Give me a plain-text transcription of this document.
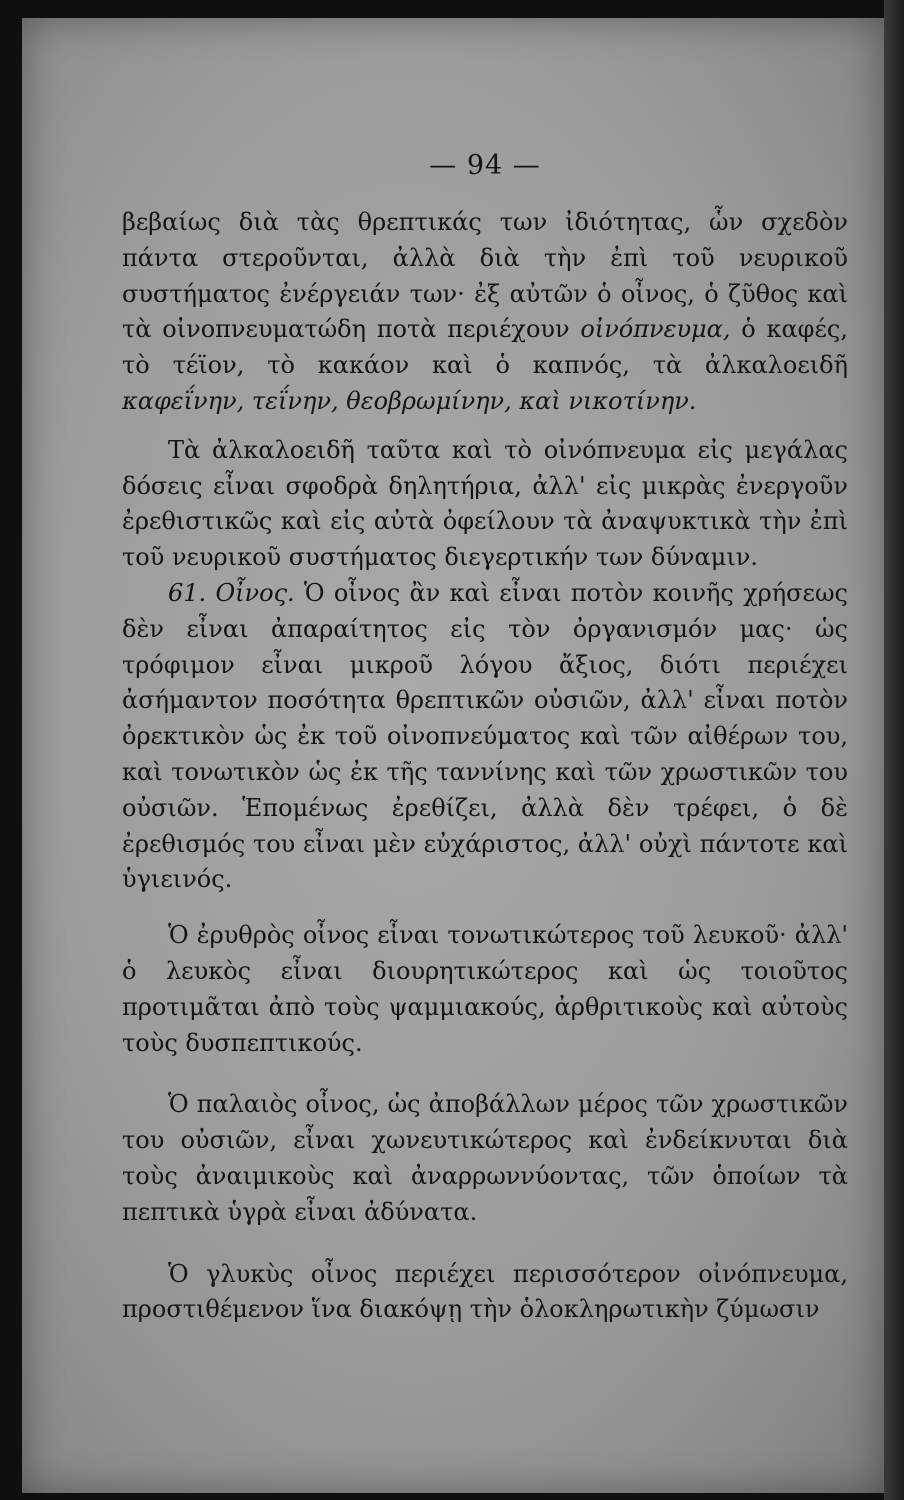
— 94 —

βεβαίως διὰ τὰς θρεπτικάς των ἰδιότητας, ὧν σχεδὸν πάντα στεροῦνται, ἀλλὰ διὰ τὴν ἐπὶ τοῦ νευρικοῦ συστήματος ἐνέργειάν των· ἐξ αὐτῶν ὁ οἶνος, ὁ ζῦθος καὶ τὰ οἰνοπνευματώδη ποτὰ περιέχουν οἰνόπνευμα, ὁ καφές, τὸ τέϊον, τὸ κακάον καὶ ὁ καπνός, τὰ ἀλκαλοειδῆ καφεΐνην, τεΐνην, θεοβρωμίνην, καὶ νικοτίνην.

Τὰ ἀλκαλοειδῆ ταῦτα καὶ τὸ οἰνόπνευμα εἰς μεγάλας δόσεις εἶναι σφοδρὰ δηλητήρια, ἀλλ' εἰς μικρὰς ἐνεργοῦν ἐρεθιστικῶς καὶ εἰς αὐτὰ ὀφείλουν τὰ ἀναψυκτικὰ τὴν ἐπὶ τοῦ νευρικοῦ συστήματος διεγερτικήν των δύναμιν.

61. Οἶνος. Ὁ οἶνος ἂν καὶ εἶναι ποτὸν κοινῆς χρήσεως δὲν εἶναι ἀπαραίτητος εἰς τὸν ὀργανισμόν μας· ὡς τρόφιμον εἶναι μικροῦ λόγου ἄξιος, διότι περιέχει ἀσήμαντον ποσότητα θρεπτικῶν οὐσιῶν, ἀλλ' εἶναι ποτὸν ὀρεκτικὸν ὡς ἐκ τοῦ οἰνοπνεύματος καὶ τῶν αἰθέρων του, καὶ τονωτικὸν ὡς ἐκ τῆς ταννίνης καὶ τῶν χρωστικῶν του οὐσιῶν. Ἑπομένως ἐρεθίζει, ἀλλὰ δὲν τρέφει, ὁ δὲ ἐρεθισμός του εἶναι μὲν εὐχάριστος, ἀλλ' οὐχὶ πάντοτε καὶ ὑγιεινός.

Ὁ ἐρυθρὸς οἶνος εἶναι τονωτικώτερος τοῦ λευκοῦ· ἀλλ' ὁ λευκὸς εἶναι διουρητικώτερος καὶ ὡς τοιοῦτος προτιμᾶται ἀπὸ τοὺς ψαμμιακούς, ἀρθριτικοὺς καὶ αὐτοὺς τοὺς δυσπεπτικούς.

Ὁ παλαιὸς οἶνος, ὡς ἀποβάλλων μέρος τῶν χρωστικῶν του οὐσιῶν, εἶναι χωνευτικώτερος καὶ ἐνδείκνυται διὰ τοὺς ἀναιμικοὺς καὶ ἀναρρωννύοντας, τῶν ὁποίων τὰ πεπτικὰ ὑγρὰ εἶναι ἀδύνατα.

Ὁ γλυκὺς οἶνος περιέχει περισσότερον οἰνόπνευμα, προστιθέμενον ἵνα διακόψῃ τὴν ὁλοκληρωτικὴν ζύμωσιν
